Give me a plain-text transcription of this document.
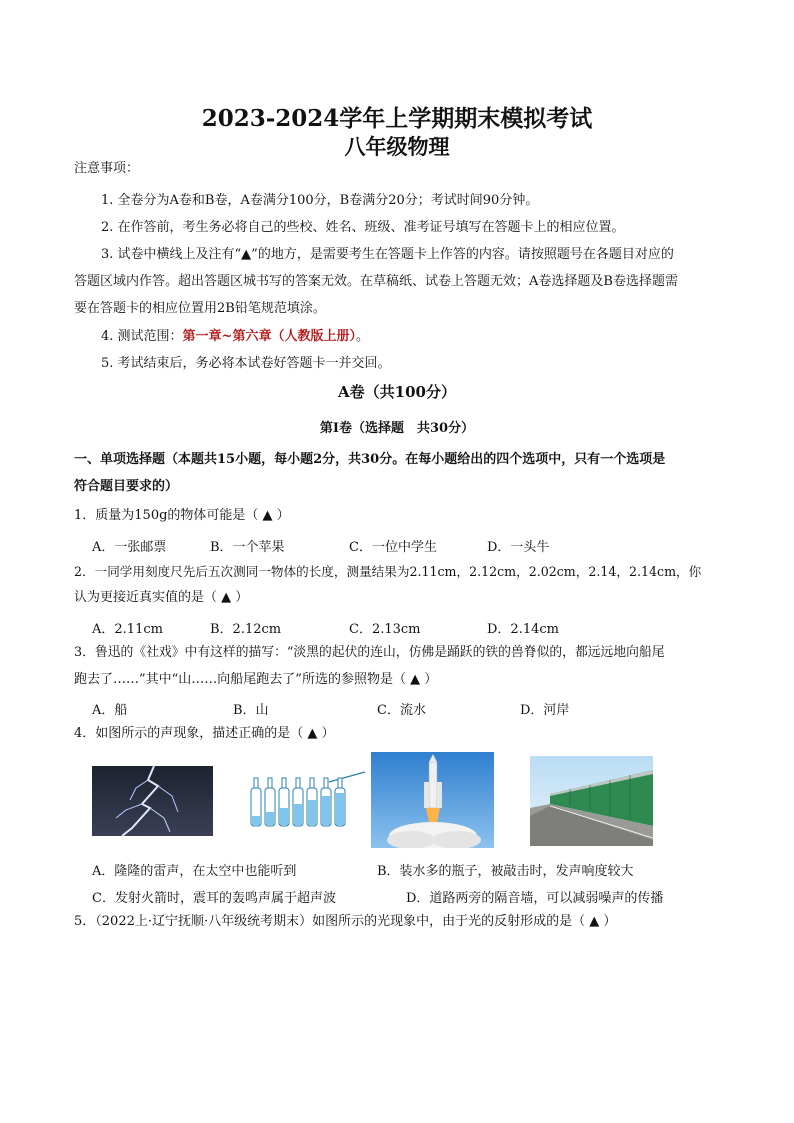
2023-2024学年上学期期末模拟考试
八年级物理
注意事项：
1. 全卷分为A卷和B卷，A卷满分100分，B卷满分20分；考试时间90分钟。
2. 在作答前，考生务必将自己的些校、姓名、班级、准考证号填写在答题卡上的相应位置。
3. 试卷中横线上及注有“▲”的地方，是需要考生在答题卡上作答的内容。请按照题号在各题目对应的
答题区域内作答。超出答题区城书写的答案无效。在草稿纸、试卷上答题无效；A卷选择题及B卷选择题需
要在答题卡的相应位置用2B铅笔规范填涂。
4. 测试范围：第一章~第六章（人教版上册）。
5. 考试结束后，务必将本试卷好答题卡一并交回。
A卷（共100分）
第I卷（选择题　共30分）
一、单项选择题（本题共15小题，每小题2分，共30分。在每小题给出的四个选项中，只有一个选项是
符合题目要求的）
1．质量为150g的物体可能是（ ▲ ）
A．一张邮票	B．一个苹果	C．一位中学生	D．一头牛
2．一同学用刻度尺先后五次测同一物体的长度，测量结果为2.11cm，2.12cm，2.02cm，2.14，2.14cm，你
认为更接近真实值的是（ ▲ ）
A．2.11cm	B．2.12cm	C．2.13cm	D．2.14cm
3．鲁迅的《社戏》中有这样的描写：“淡黑的起伏的连山，仿佛是踊跃的铁的兽脊似的，都远远地向船尾
跑去了……”其中“山……向船尾跑去了”所选的参照物是（ ▲ ）
A．船	B．山	C．流水	D．河岸
4．如图所示的声现象，描述正确的是（ ▲ ）
A．隆隆的雷声，在太空中也能听到	B．装水多的瓶子，被敲击时，发声响度较大
C．发射火箭时，震耳的轰鸣声属于超声波	D．道路两旁的隔音墙，可以减弱噪声的传播
5．（2022上·辽宁抚顺·八年级统考期末）如图所示的光现象中，由于光的反射形成的是（ ▲ ）
